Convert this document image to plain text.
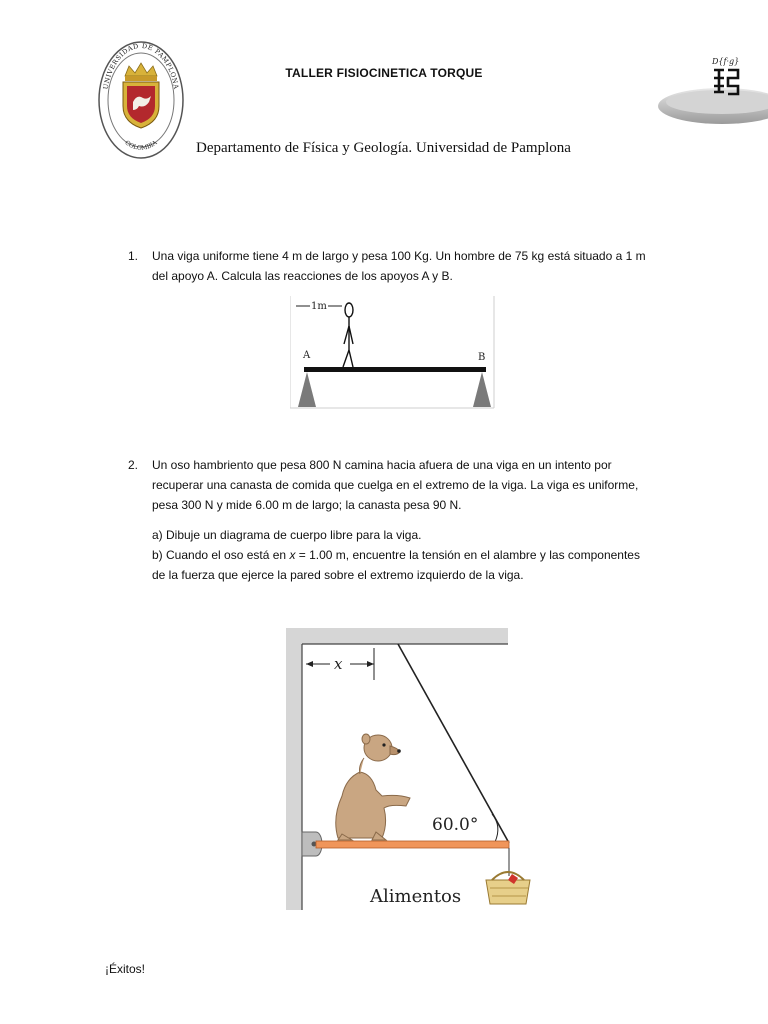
UNIVERSIDAD DE PAMPLONA
COLOMBIA
D{f·g}
TALLER FISIOCINETICA TORQUE
Departamento de Física y Geología. Universidad de Pamplona
1. Una viga uniforme tiene 4 m de largo y pesa 100 Kg. Un hombre de 75 kg está situado a 1 m del apoyo A. Calcula las reacciones de los apoyos A y B.
1m
A	B
2. Un oso hambriento que pesa 800 N camina hacia afuera de una viga en un intento por recuperar una canasta de comida que cuelga en el extremo de la viga. La viga es uniforme, pesa 300 N y mide 6.00 m de largo; la canasta pesa 90 N.
a) Dibuje un diagrama de cuerpo libre para la viga.
b) Cuando el oso está en x = 1.00 m, encuentre la tensión en el alambre y las componentes de la fuerza que ejerce la pared sobre el extremo izquierdo de la viga.
x
60.0°
Alimentos
¡Éxitos!
